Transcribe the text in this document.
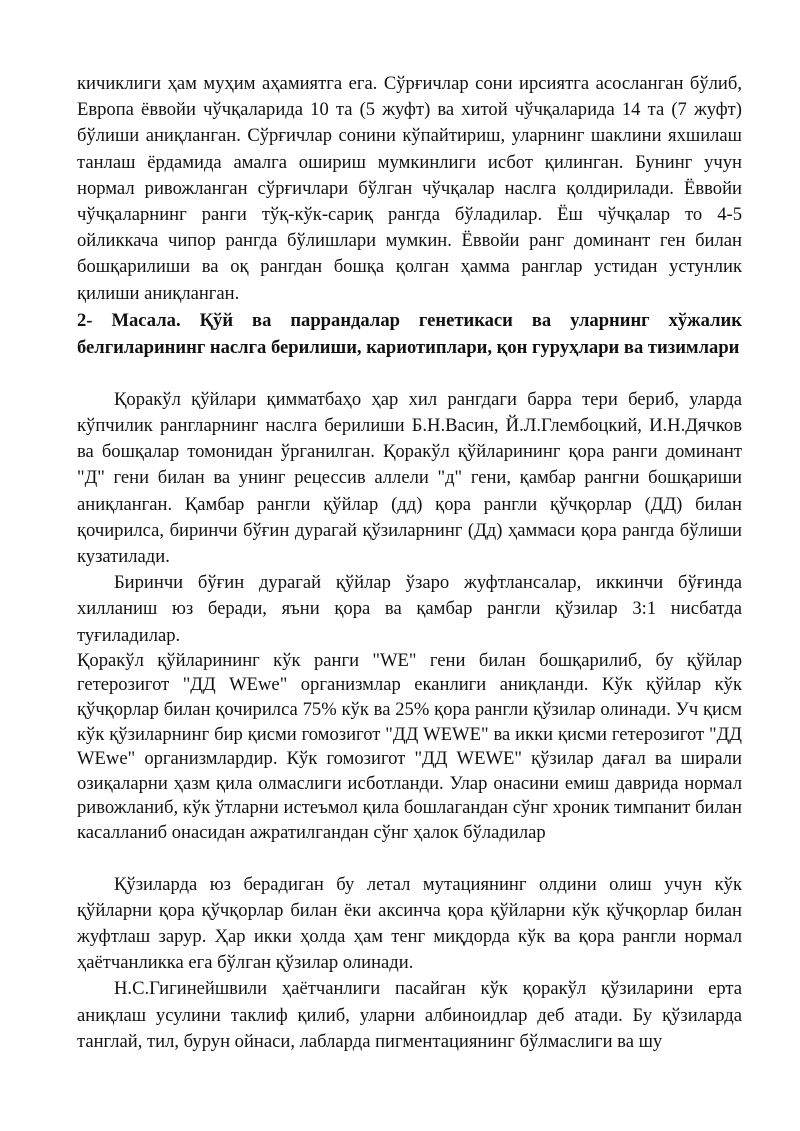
кичиклиги ҳам муҳим аҳамиятга ега. Сўрғичлар сони ирсиятга асосланган бўлиб, Европа ёввойи чўчқаларида 10 та (5 жуфт) ва хитой чўчқаларида 14 та (7 жуфт) бўлиши аниқланган. Сўрғичлар сонини кўпайтириш, уларнинг шаклини яхшилаш танлаш ёрдамида амалга ошириш мумкинлиги исбот қилинган. Бунинг учун нормал ривожланган сўрғичлари бўлган чўчқалар наслга қолдирилади. Ёввойи чўчқаларнинг ранги тўқ-кўк-сариқ рангда бўладилар. Ёш чўчқалар то 4-5 ойликкача чипор рангда бўлишлари мумкин. Ёввойи ранг доминант ген билан бошқарилиши ва оқ рангдан бошқа қолган ҳамма ранглар устидан устунлик қилиши аниқланган.

2- Масала. Қўй ва паррандалар генетикаси ва уларнинг хўжалик белгиларининг наслга берилиши, кариотиплари, қон гуруҳлари ва тизимлари

Қоракўл қўйлари қимматбаҳо ҳар хил рангдаги барра тери бериб, уларда кўпчилик рангларнинг наслга берилиши Б.Н.Васин, Й.Л.Глембоцкий, И.Н.Дячков ва бошқалар томонидан ўрганилган. Қоракўл қўйларининг қора ранги доминант "Д" гени билан ва унинг рецессив аллели "д" гени, қамбар рангни бошқариши аниқланган. Қамбар рангли қўйлар (дд) қора рангли қўчқорлар (ДД) билан қочирилса, биринчи бўғин дурагай қўзиларнинг (Дд) ҳаммаси қора рангда бўлиши кузатилади.

Биринчи бўғин дурагай қўйлар ўзаро жуфтлансалар, иккинчи бўғинда хилланиш юз беради, яъни қора ва қамбар рангли қўзилар 3:1 нисбатда туғиладилар.

Қоракўл қўйларининг кўк ранги "WE" гени билан бошқарилиб, бу қўйлар гетерозигот "ДД WEwe" организмлар еканлиги аниқланди. Кўк қўйлар кўк қўчқорлар билан қочирилса 75% кўк ва 25% қора рангли қўзилар олинади. Уч қисм кўк қўзиларнинг бир қисми гомозигот "ДД WEWE" ва икки қисми гетерозигот "ДД WEwe" организмлардир. Кўк гомозигот "ДД WEWE" қўзилар дағал ва ширали озиқаларни ҳазм қила олмаслиги исботланди. Улар онасини емиш даврида нормал ривожланиб, кўк ўтларни истеъмол қила бошлагандан сўнг хроник тимпанит билан касалланиб онасидан ажратилгандан сўнг ҳалок бўладилар

Қўзиларда юз берадиган бу летал мутациянинг олдини олиш учун кўк қўйларни қора қўчқорлар билан ёки аксинча қора қўйларни кўк қўчқорлар билан жуфтлаш зарур. Ҳар икки ҳолда ҳам тенг миқдорда кўк ва қора рангли нормал ҳаётчанликка ега бўлган қўзилар олинади.

Н.С.Гигинейшвили ҳаётчанлиги пасайган кўк қоракўл қўзиларини ерта аниқлаш усулини таклиф қилиб, уларни албиноидлар деб атади. Бу қўзиларда танглай, тил, бурун ойнаси, лабларда пигментациянинг бўлмаслиги ва шу
